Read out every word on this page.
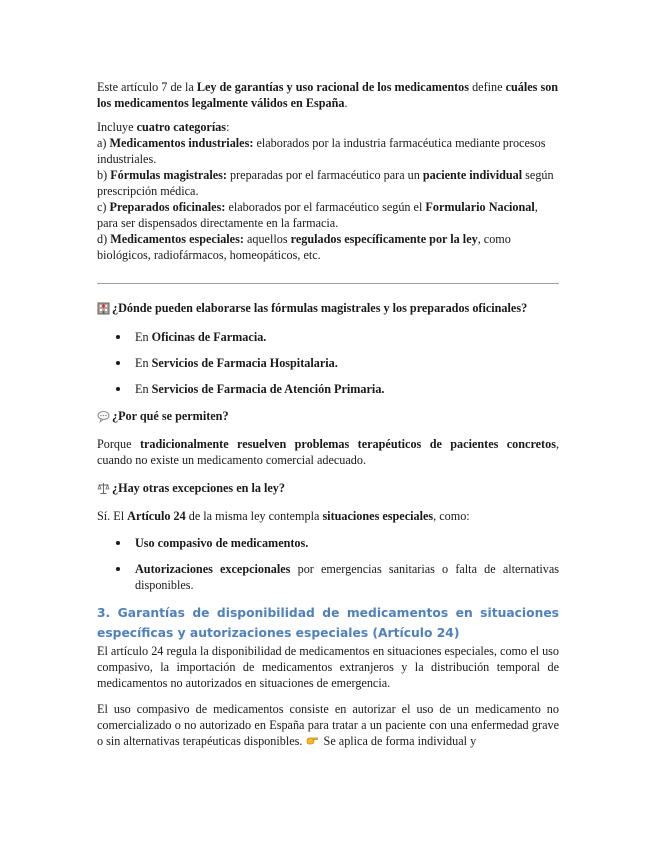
Este artículo 7 de la Ley de garantías y uso racional de los medicamentos define cuáles son los medicamentos legalmente válidos en España.

Incluye cuatro categorías:

a) Medicamentos industriales: elaborados por la industria farmacéutica mediante procesos industriales.

b) Fórmulas magistrales: preparadas por el farmacéutico para un paciente individual según prescripción médica.

c) Preparados oficinales: elaborados por el farmacéutico según el Formulario Nacional, para ser dispensados directamente en la farmacia.

d) Medicamentos especiales: aquellos regulados específicamente por la ley, como biológicos, radiofármacos, homeopáticos, etc.

¿Dónde pueden elaborarse las fórmulas magistrales y los preparados oficinales?
En Oficinas de Farmacia.
En Servicios de Farmacia Hospitalaria.
En Servicios de Farmacia de Atención Primaria.
¿Por qué se permiten?

Porque tradicionalmente resuelven problemas terapéuticos de pacientes concretos, cuando no existe un medicamento comercial adecuado.

¿Hay otras excepciones en la ley?

Sí. El Artículo 24 de la misma ley contempla situaciones especiales, como:

Uso compasivo de medicamentos.
Autorizaciones excepcionales por emergencias sanitarias o falta de alternativas disponibles.
3. Garantías de disponibilidad de medicamentos en situaciones específicas y autorizaciones especiales (Artículo 24)

El artículo 24 regula la disponibilidad de medicamentos en situaciones especiales, como el uso compasivo, la importación de medicamentos extranjeros y la distribución temporal de medicamentos no autorizados en situaciones de emergencia.

El uso compasivo de medicamentos consiste en autorizar el uso de un medicamento no comercializado o no autorizado en España para tratar a un paciente con una enfermedad grave o sin alternativas terapéuticas disponibles.  Se aplica de forma individual y
